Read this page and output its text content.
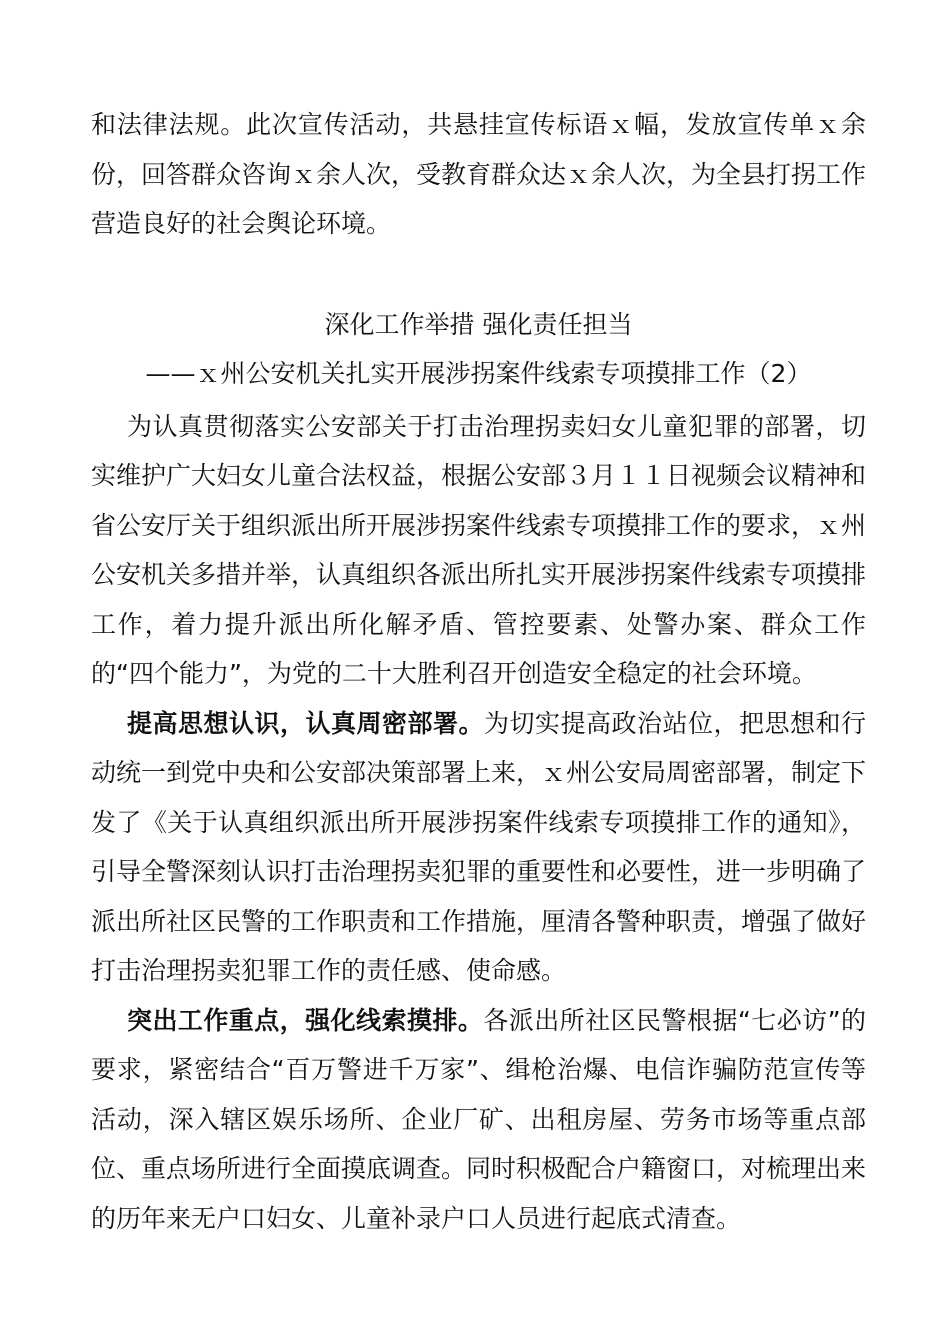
和法律法规。此次宣传活动，共悬挂宣传标语ｘ幅，发放宣传单ｘ余份，回答群众咨询ｘ余人次，受教育群众达ｘ余人次，为全县打拐工作营造良好的社会舆论环境。

深化工作举措 强化责任担当

——ｘ州公安机关扎实开展涉拐案件线索专项摸排工作（2）

为认真贯彻落实公安部关于打击治理拐卖妇女儿童犯罪的部署，切实维护广大妇女儿童合法权益，根据公安部３月１１日视频会议精神和省公安厅关于组织派出所开展涉拐案件线索专项摸排工作的要求，ｘ州公安机关多措并举，认真组织各派出所扎实开展涉拐案件线索专项摸排工作，着力提升派出所化解矛盾、管控要素、处警办案、群众工作的“四个能力”，为党的二十大胜利召开创造安全稳定的社会环境。

提高思想认识，认真周密部署。为切实提高政治站位，把思想和行动统一到党中央和公安部决策部署上来，ｘ州公安局周密部署，制定下发了《关于认真组织派出所开展涉拐案件线索专项摸排工作的通知》，引导全警深刻认识打击治理拐卖犯罪的重要性和必要性，进一步明确了派出所社区民警的工作职责和工作措施，厘清各警种职责，增强了做好打击治理拐卖犯罪工作的责任感、使命感。

突出工作重点，强化线索摸排。各派出所社区民警根据“七必访”的要求，紧密结合“百万警进千万家”、缉枪治爆、电信诈骗防范宣传等活动，深入辖区娱乐场所、企业厂矿、出租房屋、劳务市场等重点部位、重点场所进行全面摸底调查。同时积极配合户籍窗口，对梳理出来的历年来无户口妇女、儿童补录户口人员进行起底式清查。
